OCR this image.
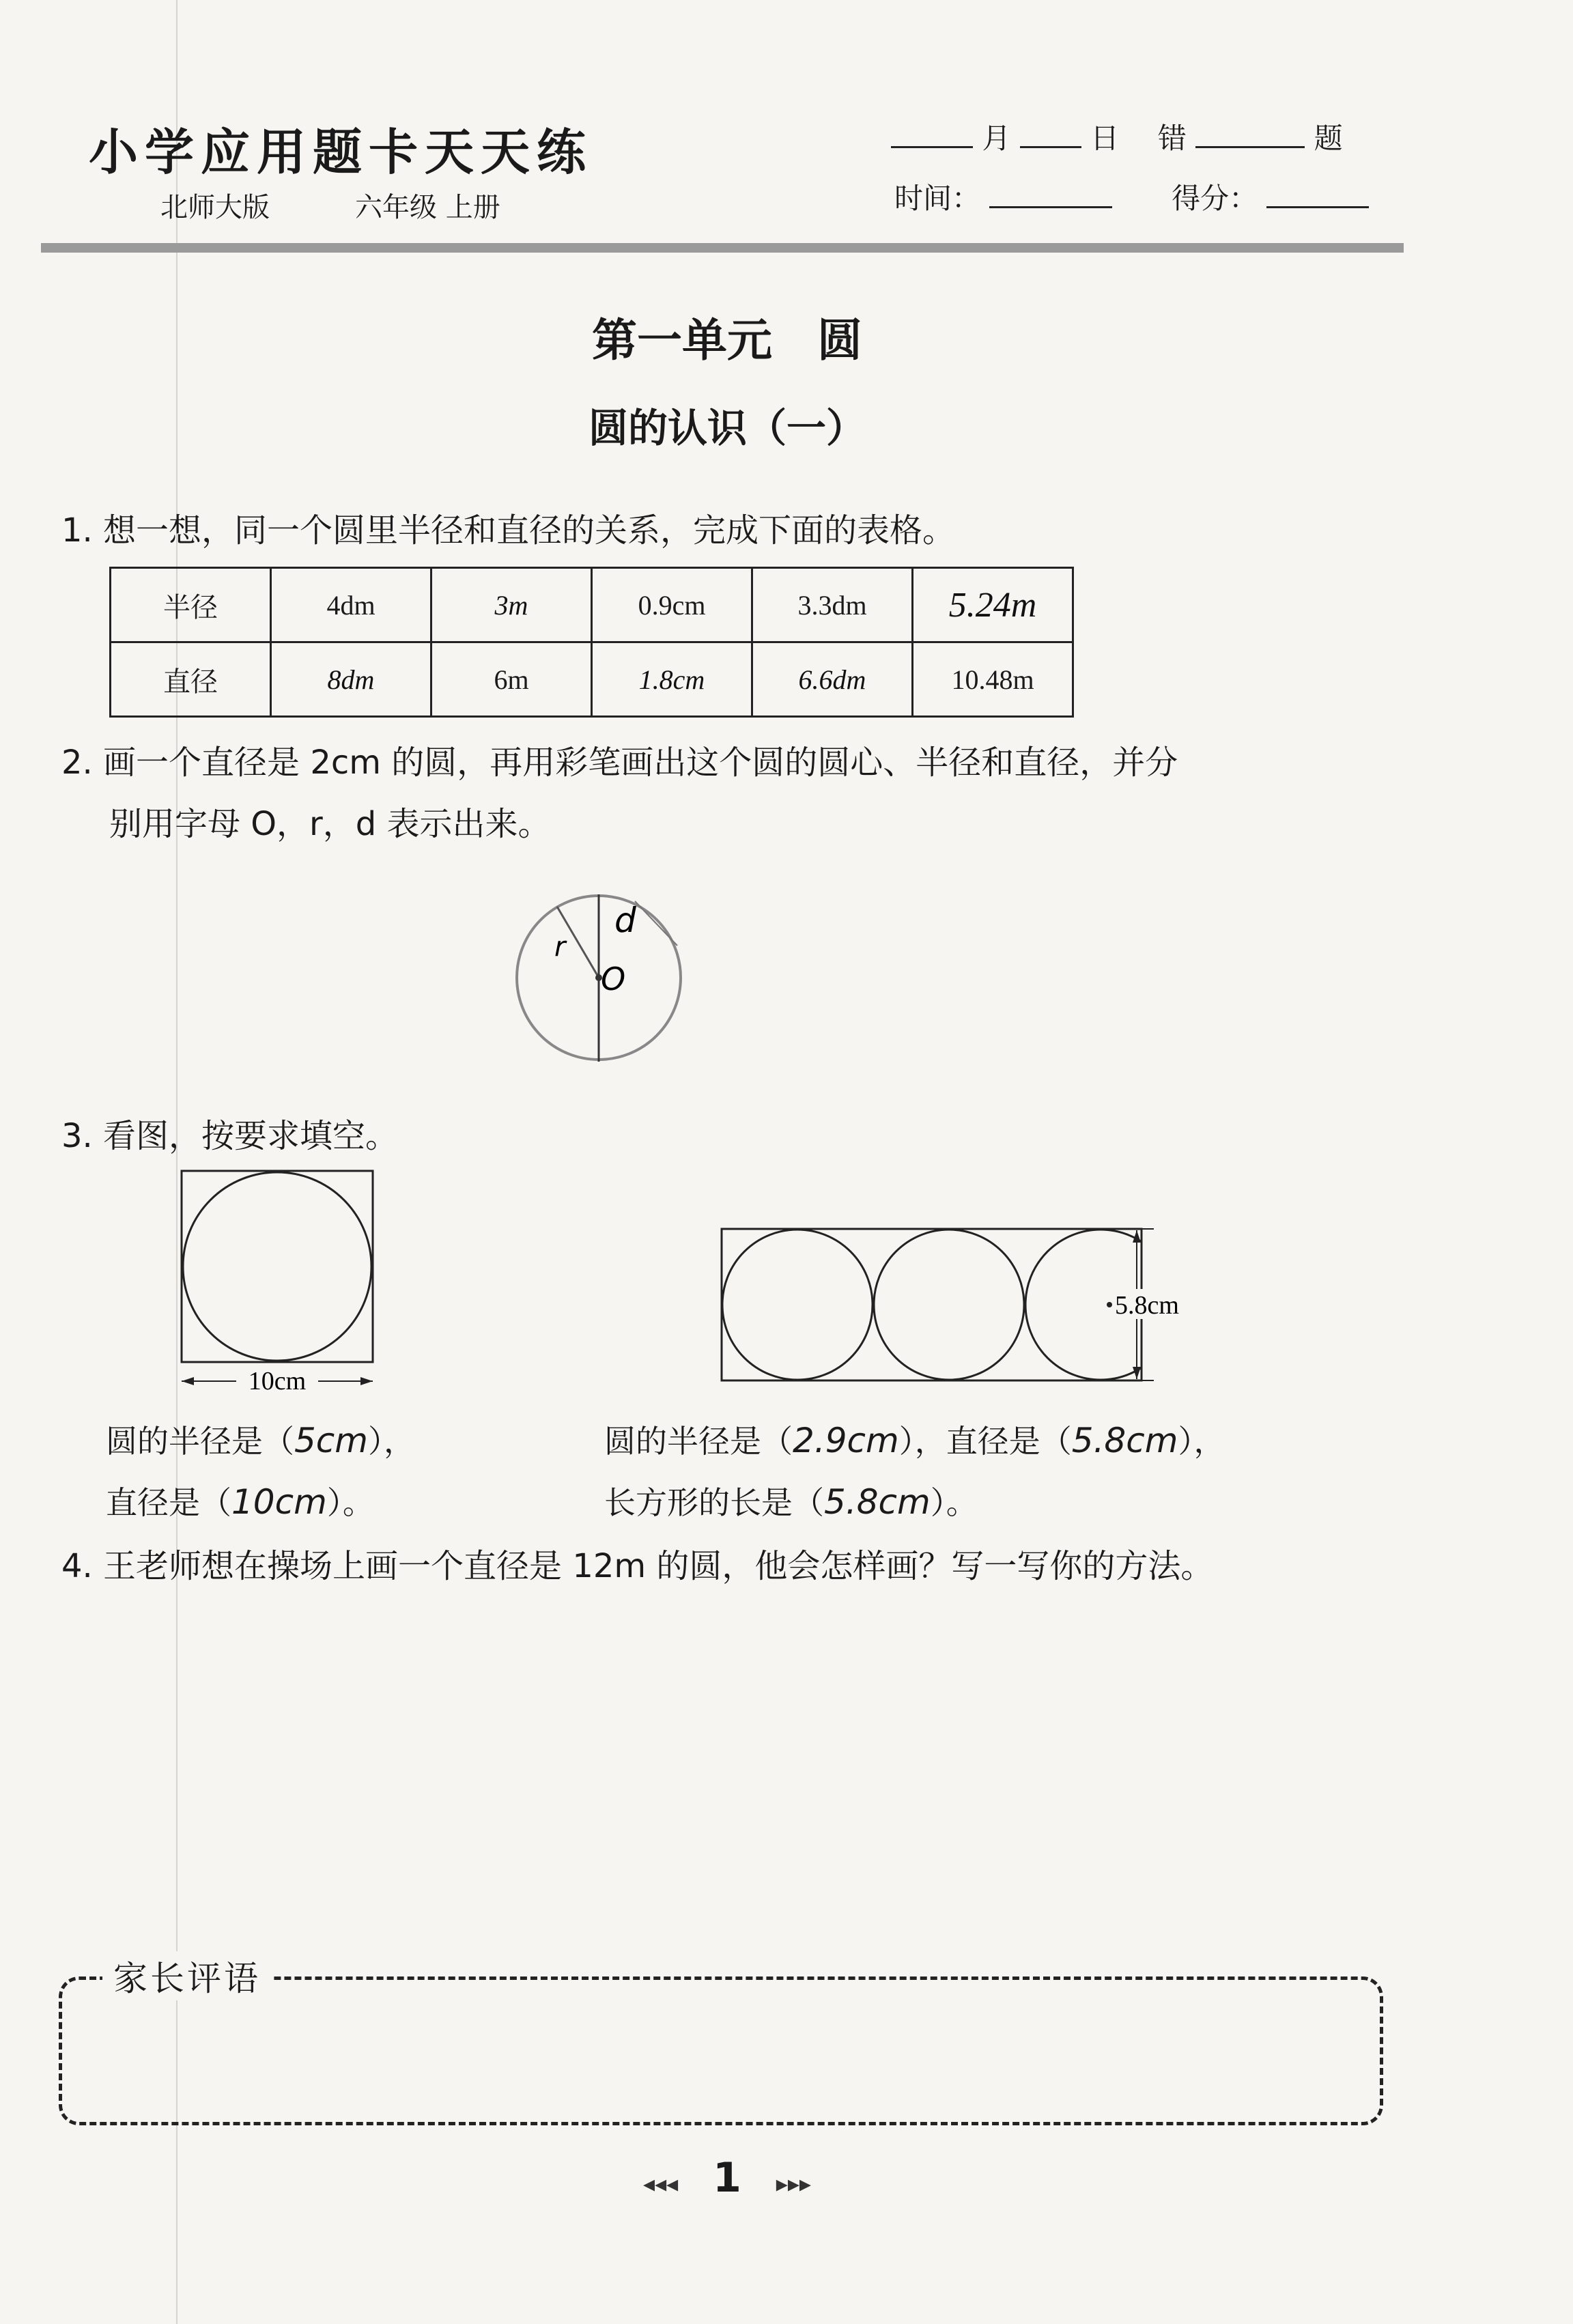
小学应用题卡天天练
北师大版	六年级 上册
月	日 错	题
时间：	得分：
第一单元　圆
圆的认识（一）
1. 想一想，同一个圆里半径和直径的关系，完成下面的表格。
半径	4dm	3m	0.9cm	3.3dm	5.24m
直径	8dm	6m	1.8cm	6.6dm	10.48m
2. 画一个直径是 2cm 的圆，再用彩笔画出这个圆的圆心、半径和直径，并分
别用字母 O，r，d 表示出来。
r
d
O
3. 看图，按要求填空。
10cm
5.8cm
圆的半径是（5cm），
直径是（10cm）。
圆的半径是（2.9cm），直径是（5.8cm），
长方形的长是（5.8cm）。
4. 王老师想在操场上画一个直径是 12m 的圆，他会怎样画？写一写你的方法。
家长评语
◂◂◂ 1 ▸▸▸
